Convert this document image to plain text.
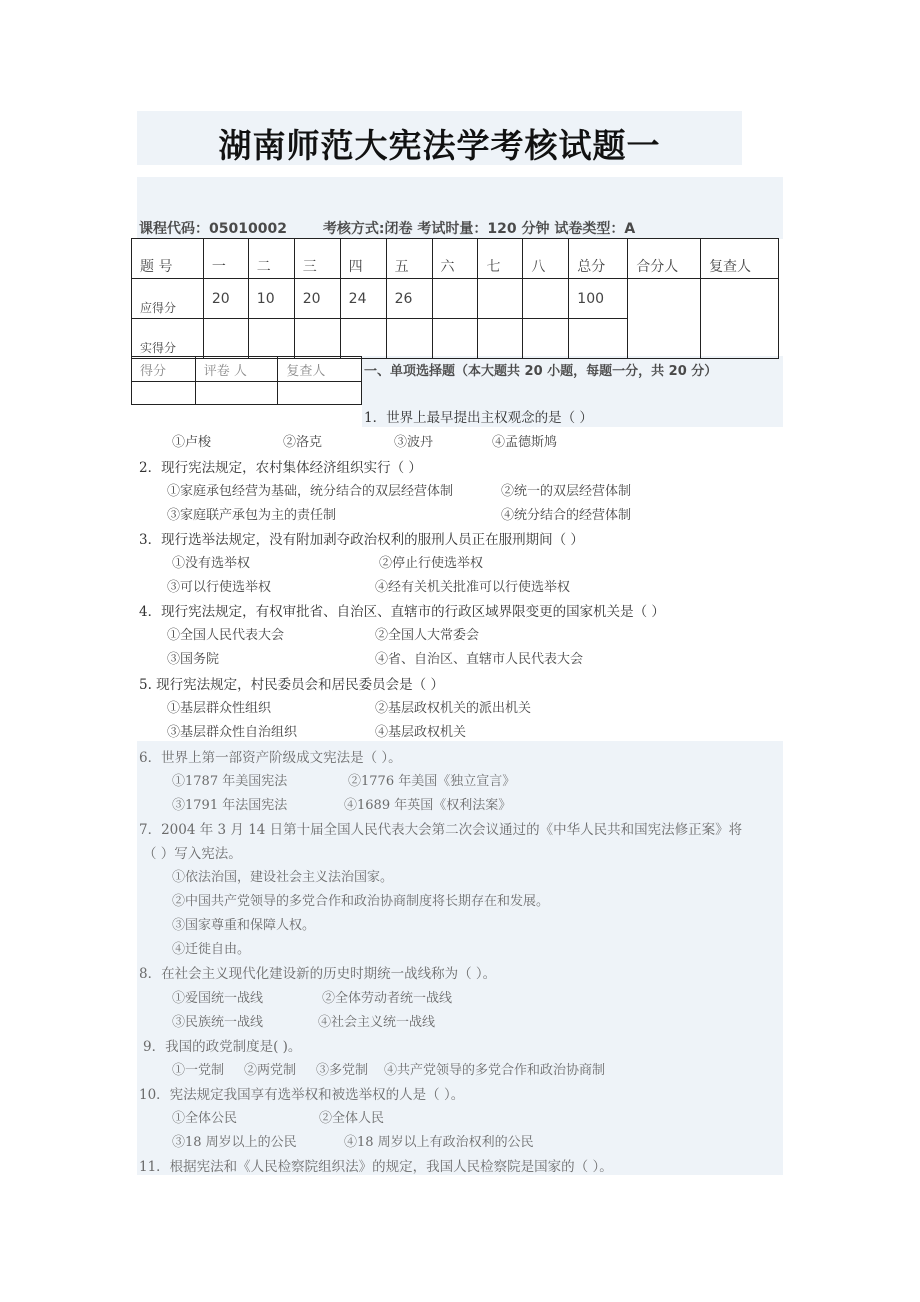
湖南师范大宪法学考核试题一
课程代码：05010002	考核方式:闭卷 考试时量：120 分钟 试卷类型：A
题 号	一	二	三	四	五	六	七	八	总分	合分人	复查人
应得分	20	10	20	24	26				100		
实得分											
得分	评卷 人	复查人
			一、单项选择题（本大题共 20 小题，每题一分，共 20 分）
1．世界上最早提出主权观念的是（ ）
①卢梭	②洛克	③波丹	④孟德斯鸠
2．现行宪法规定，农村集体经济组织实行（ ）
①家庭承包经营为基础，统分结合的双层经营体制	②统一的双层经营体制
③家庭联产承包为主的责任制	④统分结合的经营体制
3．现行选举法规定，没有附加剥夺政治权利的服刑人员正在服刑期间（ ）
①没有选举权	②停止行使选举权
③可以行使选举权	④经有关机关批准可以行使选举权
4．现行宪法规定，有权审批省、自治区、直辖市的行政区域界限变更的国家机关是（ ）
①全国人民代表大会	②全国人大常委会
③国务院	④省、自治区、直辖市人民代表大会
5. 现行宪法规定，村民委员会和居民委员会是（ ）
①基层群众性组织	②基层政权机关的派出机关
③基层群众性自治组织	④基层政权机关
6．世界上第一部资产阶级成文宪法是（ ）。
①1787 年美国宪法	②1776 年美国《独立宣言》
③1791 年法国宪法	④1689 年英国《权利法案》
7．2004 年 3 月 14 日第十届全国人民代表大会第二次会议通过的《中华人民共和国宪法修正案》将
（ ）写入宪法。
①依法治国，建设社会主义法治国家。
②中国共产党领导的多党合作和政治协商制度将长期存在和发展。
③国家尊重和保障人权。
④迁徙自由。
8．在社会主义现代化建设新的历史时期统一战线称为（ ）。
①爱国统一战线	②全体劳动者统一战线
③民族统一战线	④社会主义统一战线
9．我国的政党制度是( )。
①一党制 ②两党制 ③多党制 ④共产党领导的多党合作和政治协商制
10．宪法规定我国享有选举权和被选举权的人是（ ）。
①全体公民	②全体人民
③18 周岁以上的公民	④18 周岁以上有政治权利的公民
11．根据宪法和《人民检察院组织法》的规定，我国人民检察院是国家的（ ）。
